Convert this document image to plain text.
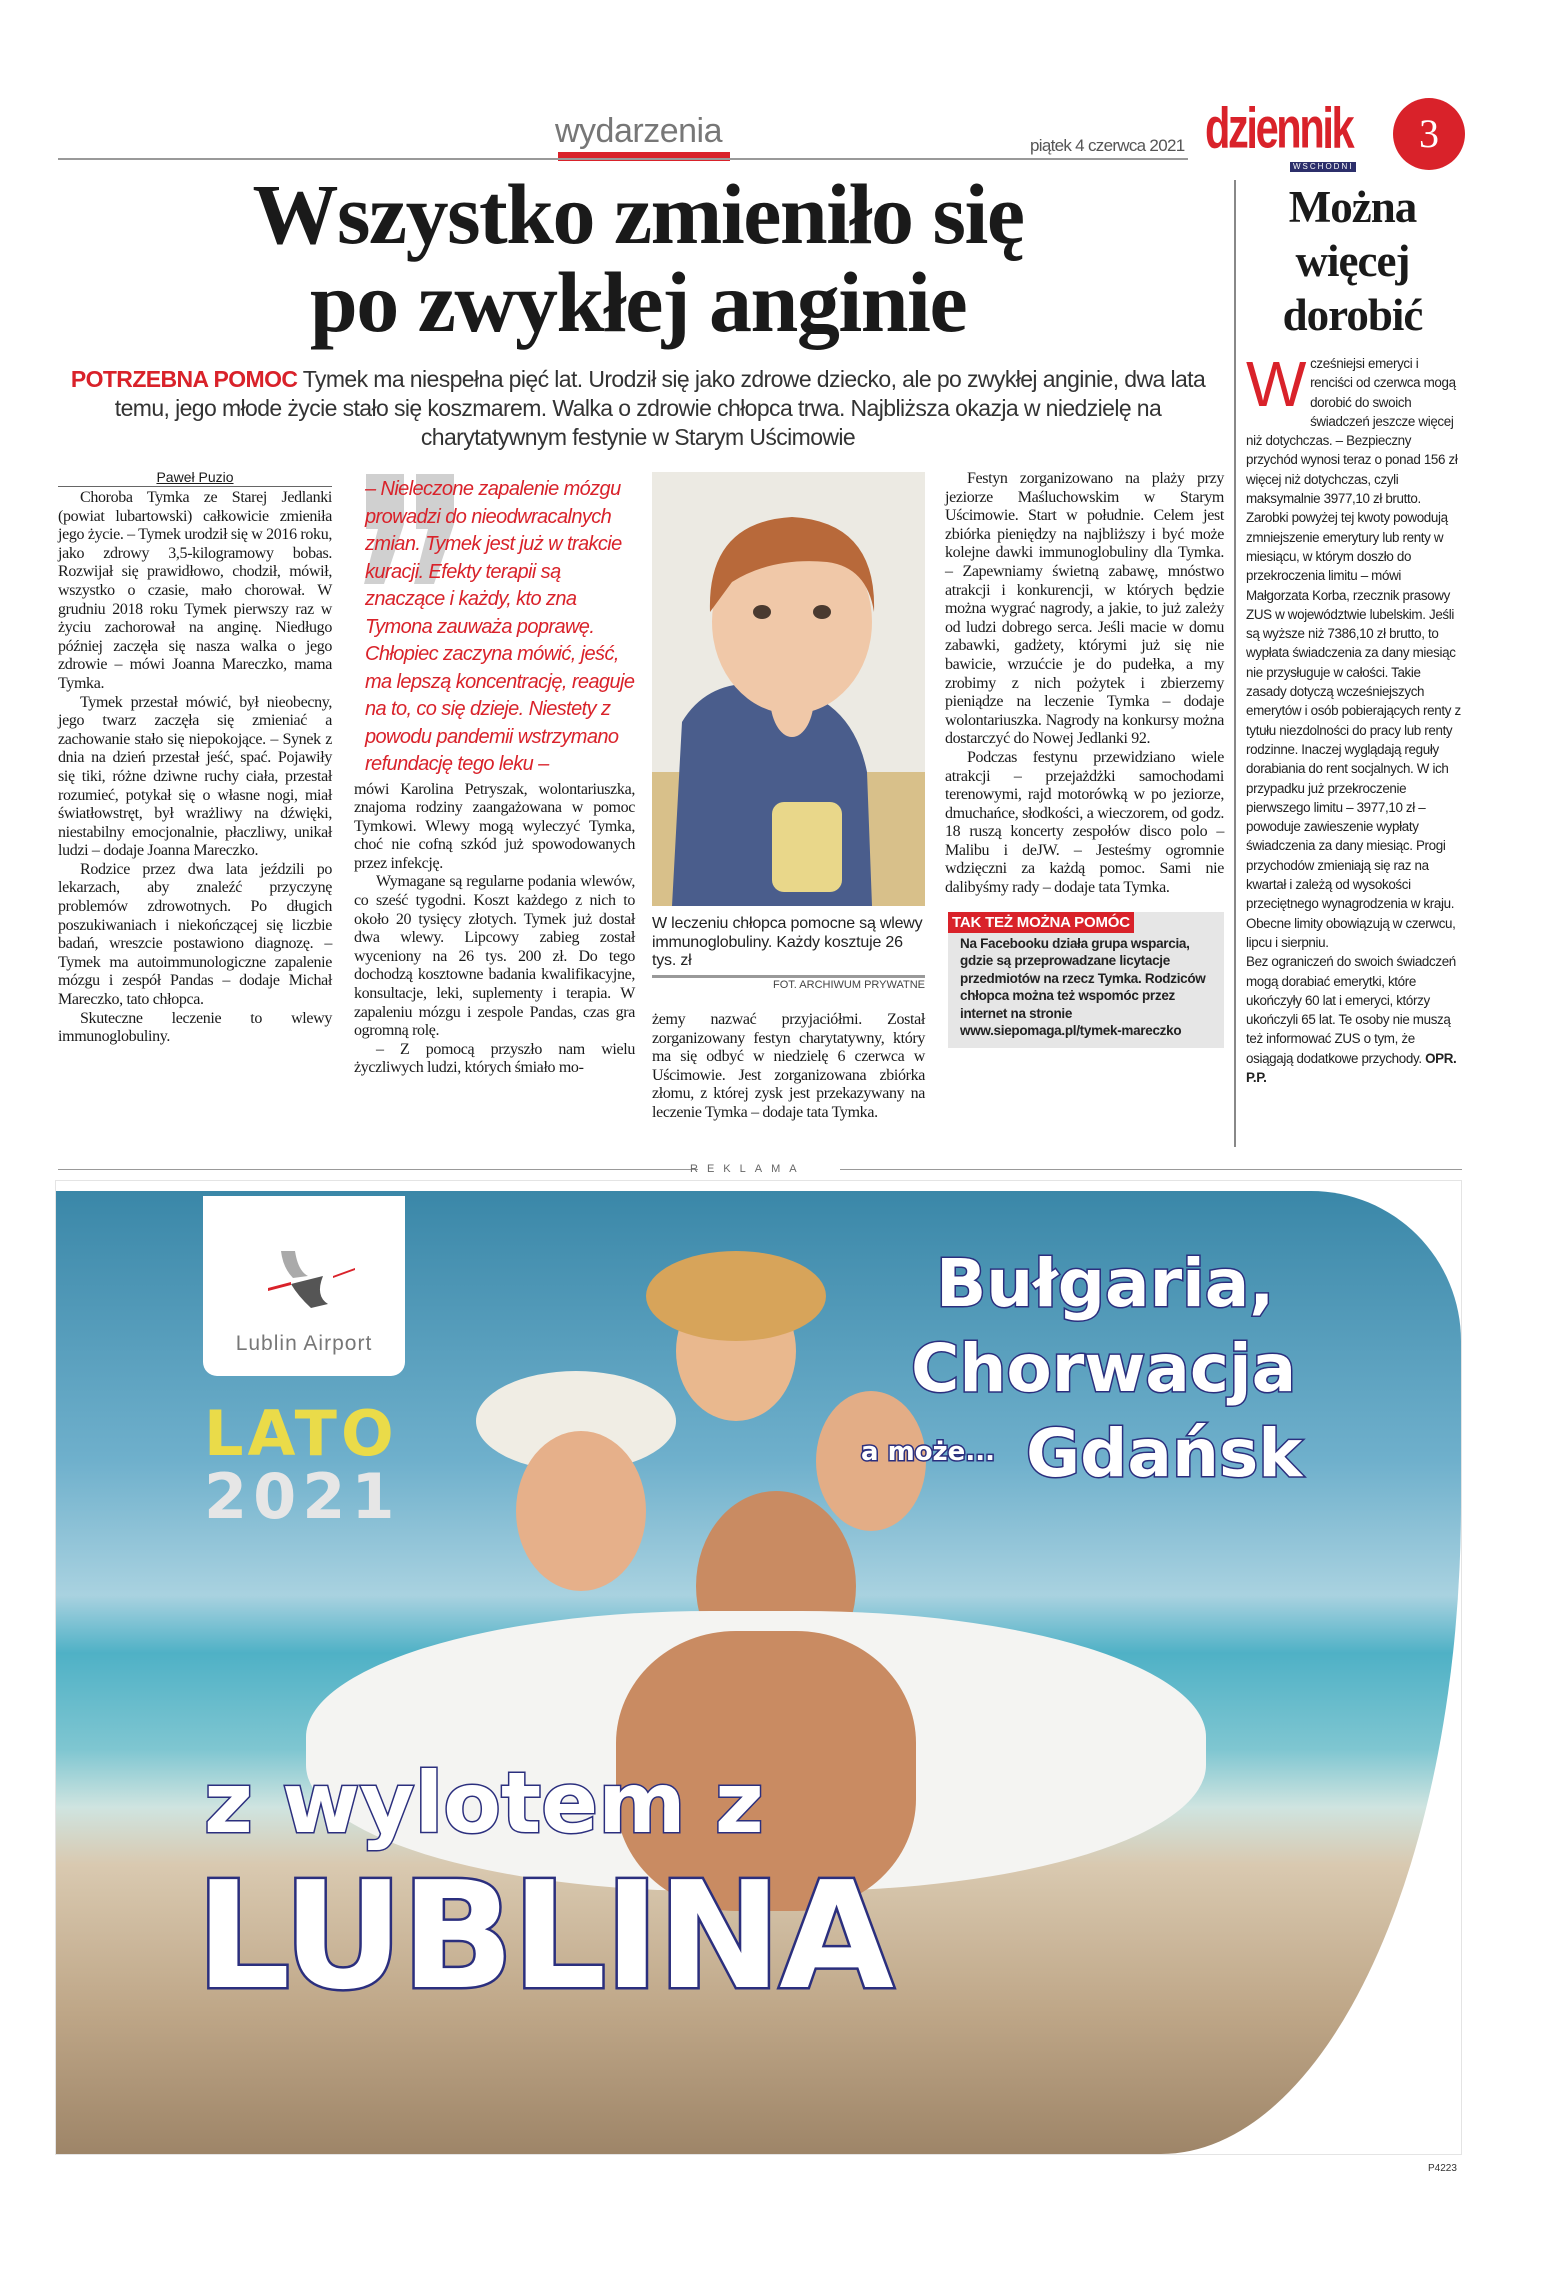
wydarzenia	piątek 4 czerwca 2021 dziennik
WSCHODNI
3
Wszystko zmieniło się
po zwykłej anginie
POTRZEBNA POMOC Tymek ma niespełna pięć lat. Urodził się jako zdrowe dziecko, ale po zwykłej anginie, dwa lata temu, jego młode życie stało się koszmarem. Walka o zdrowie chłopca trwa. Najbliższa okazja w niedzielę na charytatywnym festynie w Starym Uścimowie
Paweł Puzio

Choroba Tymka ze Starej Jedlanki (powiat lubartowski) całkowicie zmieniła jego życie. – Tymek urodził się w 2016 roku, jako zdrowy 3,5-kilogramowy bobas. Rozwijał się prawidłowo, chodził, mówił, wszystko o czasie, mało chorował. W grudniu 2018 roku Tymek pierwszy raz w życiu zachorował na anginę. Niedługo później zaczęła się nasza walka o jego zdrowie – mówi Joanna Mareczko, mama Tymka.

Tymek przestał mówić, był nieobecny, jego twarz zaczęła się zmieniać a zachowanie stało się niepokojące. – Synek z dnia na dzień przestał jeść, spać. Pojawiły się tiki, różne dziwne ruchy ciała, przestał rozumieć, potykał się o własne nogi, miał światłowstręt, był wrażliwy na dźwięki, niestabilny emocjonalnie, płaczliwy, unikał ludzi – dodaje Joanna Mareczko.

Rodzice przez dwa lata jeździli po lekarzach, aby znaleźć przyczynę problemów zdrowotnych. Po długich poszukiwaniach i niekończącej się liczbie badań, wreszcie postawiono diagnozę. – Tymek ma autoimmunologiczne zapalenie mózgu i zespół Pandas – dodaje Michał Mareczko, tato chłopca.

Skuteczne leczenie to wlewy immunoglobuliny.

– Nieleczone zapalenie mózgu prowadzi do nieodwracalnych zmian. Tymek jest już w trakcie kuracji. Efekty terapii są znaczące i każdy, kto zna Tymona zauważa poprawę. Chłopiec zaczyna mówić, jeść, ma lepszą koncentrację, reaguje na to, co się dzieje. Niestety z powodu pandemii wstrzymano refundację tego leku –

mówi Karolina Petryszak, wolontariuszka, znajoma rodziny zaangażowana w pomoc Tymkowi. Wlewy mogą wyleczyć Tymka, choć nie cofną szkód już spowodowanych przez infekcję.

Wymagane są regularne podania wlewów, co sześć tygodni. Koszt każdego z nich to około 20 tysięcy złotych. Tymek już dostał dwa wlewy. Lipcowy zabieg został wyceniony na 26 tys. 200 zł. Do tego dochodzą kosztowne badania kwalifikacyjne, konsultacje, leki, suplementy i terapia. W zapaleniu mózgu i zespole Pandas, czas gra ogromną rolę.

– Z pomocą przyszło nam wielu życzliwych ludzi, których śmiało mo-

W leczeniu chłopca pomocne są wlewy immunoglobuliny. Każdy kosztuje 26 tys. zł
FOT. ARCHIWUM PRYWATNE

żemy nazwać przyjaciółmi. Został zorganizowany festyn charytatywny, który ma się odbyć w niedzielę 6 czerwca w Uścimowie. Jest zorganizowana zbiórka złomu, z której zysk jest przekazywany na leczenie Tymka – dodaje tata Tymka.

Festyn zorganizowano na plaży przy jeziorze Maśluchowskim w Starym Uścimowie. Start w południe. Celem jest zbiórka pieniędzy na najbliższy i być może kolejne dawki immunoglobuliny dla Tymka. – Zapewniamy świetną zabawę, mnóstwo atrakcji i konkurencji, w których będzie można wygrać nagrody, a jakie, to już zależy od ludzi dobrego serca. Jeśli macie w domu zabawki, gadżety, którymi już się nie bawicie, wrzućcie je do pudełka, a my zrobimy z nich pożytek i zbierzemy pieniądze na leczenie Tymka – dodaje wolontariuszka. Nagrody na konkursy można dostarczyć do Nowej Jedlanki 92.

Podczas festynu przewidziano wiele atrakcji – przejażdżki samochodami terenowymi, rajd motorówką w po jeziorze, dmuchańce, słodkości, a wieczorem, od godz. 18 ruszą koncerty zespołów disco polo – Malibu i deJW. – Jesteśmy ogromnie wdzięczni za każdą pomoc. Sami nie dalibyśmy rady – dodaje tata Tymka.

TAK TEŻ MOŻNA POMÓC
Na Facebooku działa grupa wsparcia, gdzie są przeprowadzane licytacje przedmiotów na rzecz Tymka. Rodziców chłopca można też wspomóc przez internet na stronie www.siepomaga.pl/tymek-mareczko
Można
więcej
dorobić
Wcześniejsi emeryci i renciści od czerwca mogą dorobić do swoich świadczeń jeszcze więcej niż dotychczas. – Bezpieczny przychód wynosi teraz o ponad 156 zł więcej niż dotychczas, czyli maksymalnie 3977,10 zł brutto. Zarobki powyżej tej kwoty powodują zmniejszenie emerytury lub renty w miesiącu, w którym doszło do przekroczenia limitu – mówi Małgorzata Korba, rzecznik prasowy ZUS w województwie lubelskim. Jeśli są wyższe niż 7386,10 zł brutto, to wypłata świadczenia za dany miesiąc nie przysługuje w całości. Takie zasady dotyczą wcześniejszych emerytów i osób pobierających renty z tytułu niezdolności do pracy lub renty rodzinne. Inaczej wyglądają reguły dorabiania do rent socjalnych. W ich przypadku już przekroczenie pierwszego limitu – 3977,10 zł – powoduje zawieszenie wypłaty świadczenia za dany miesiąc. Progi przychodów zmieniają się raz na kwartał i zależą od wysokości przeciętnego wynagrodzenia w kraju. Obecne limity obowiązują w czerwcu, lipcu i sierpniu.
Bez ograniczeń do swoich świadczeń mogą dorabiać emerytki, które ukończyły 60 lat i emeryci, którzy ukończyli 65 lat. Te osoby nie muszą też informować ZUS o tym, że osiągają dodatkowe przychody. OPR. P.P.
REKLAMA
Lublin Airport
LATO
2021
Bułgaria,
Chorwacja
a może... Gdańsk
z wylotem z
LUBLINA
P4223
